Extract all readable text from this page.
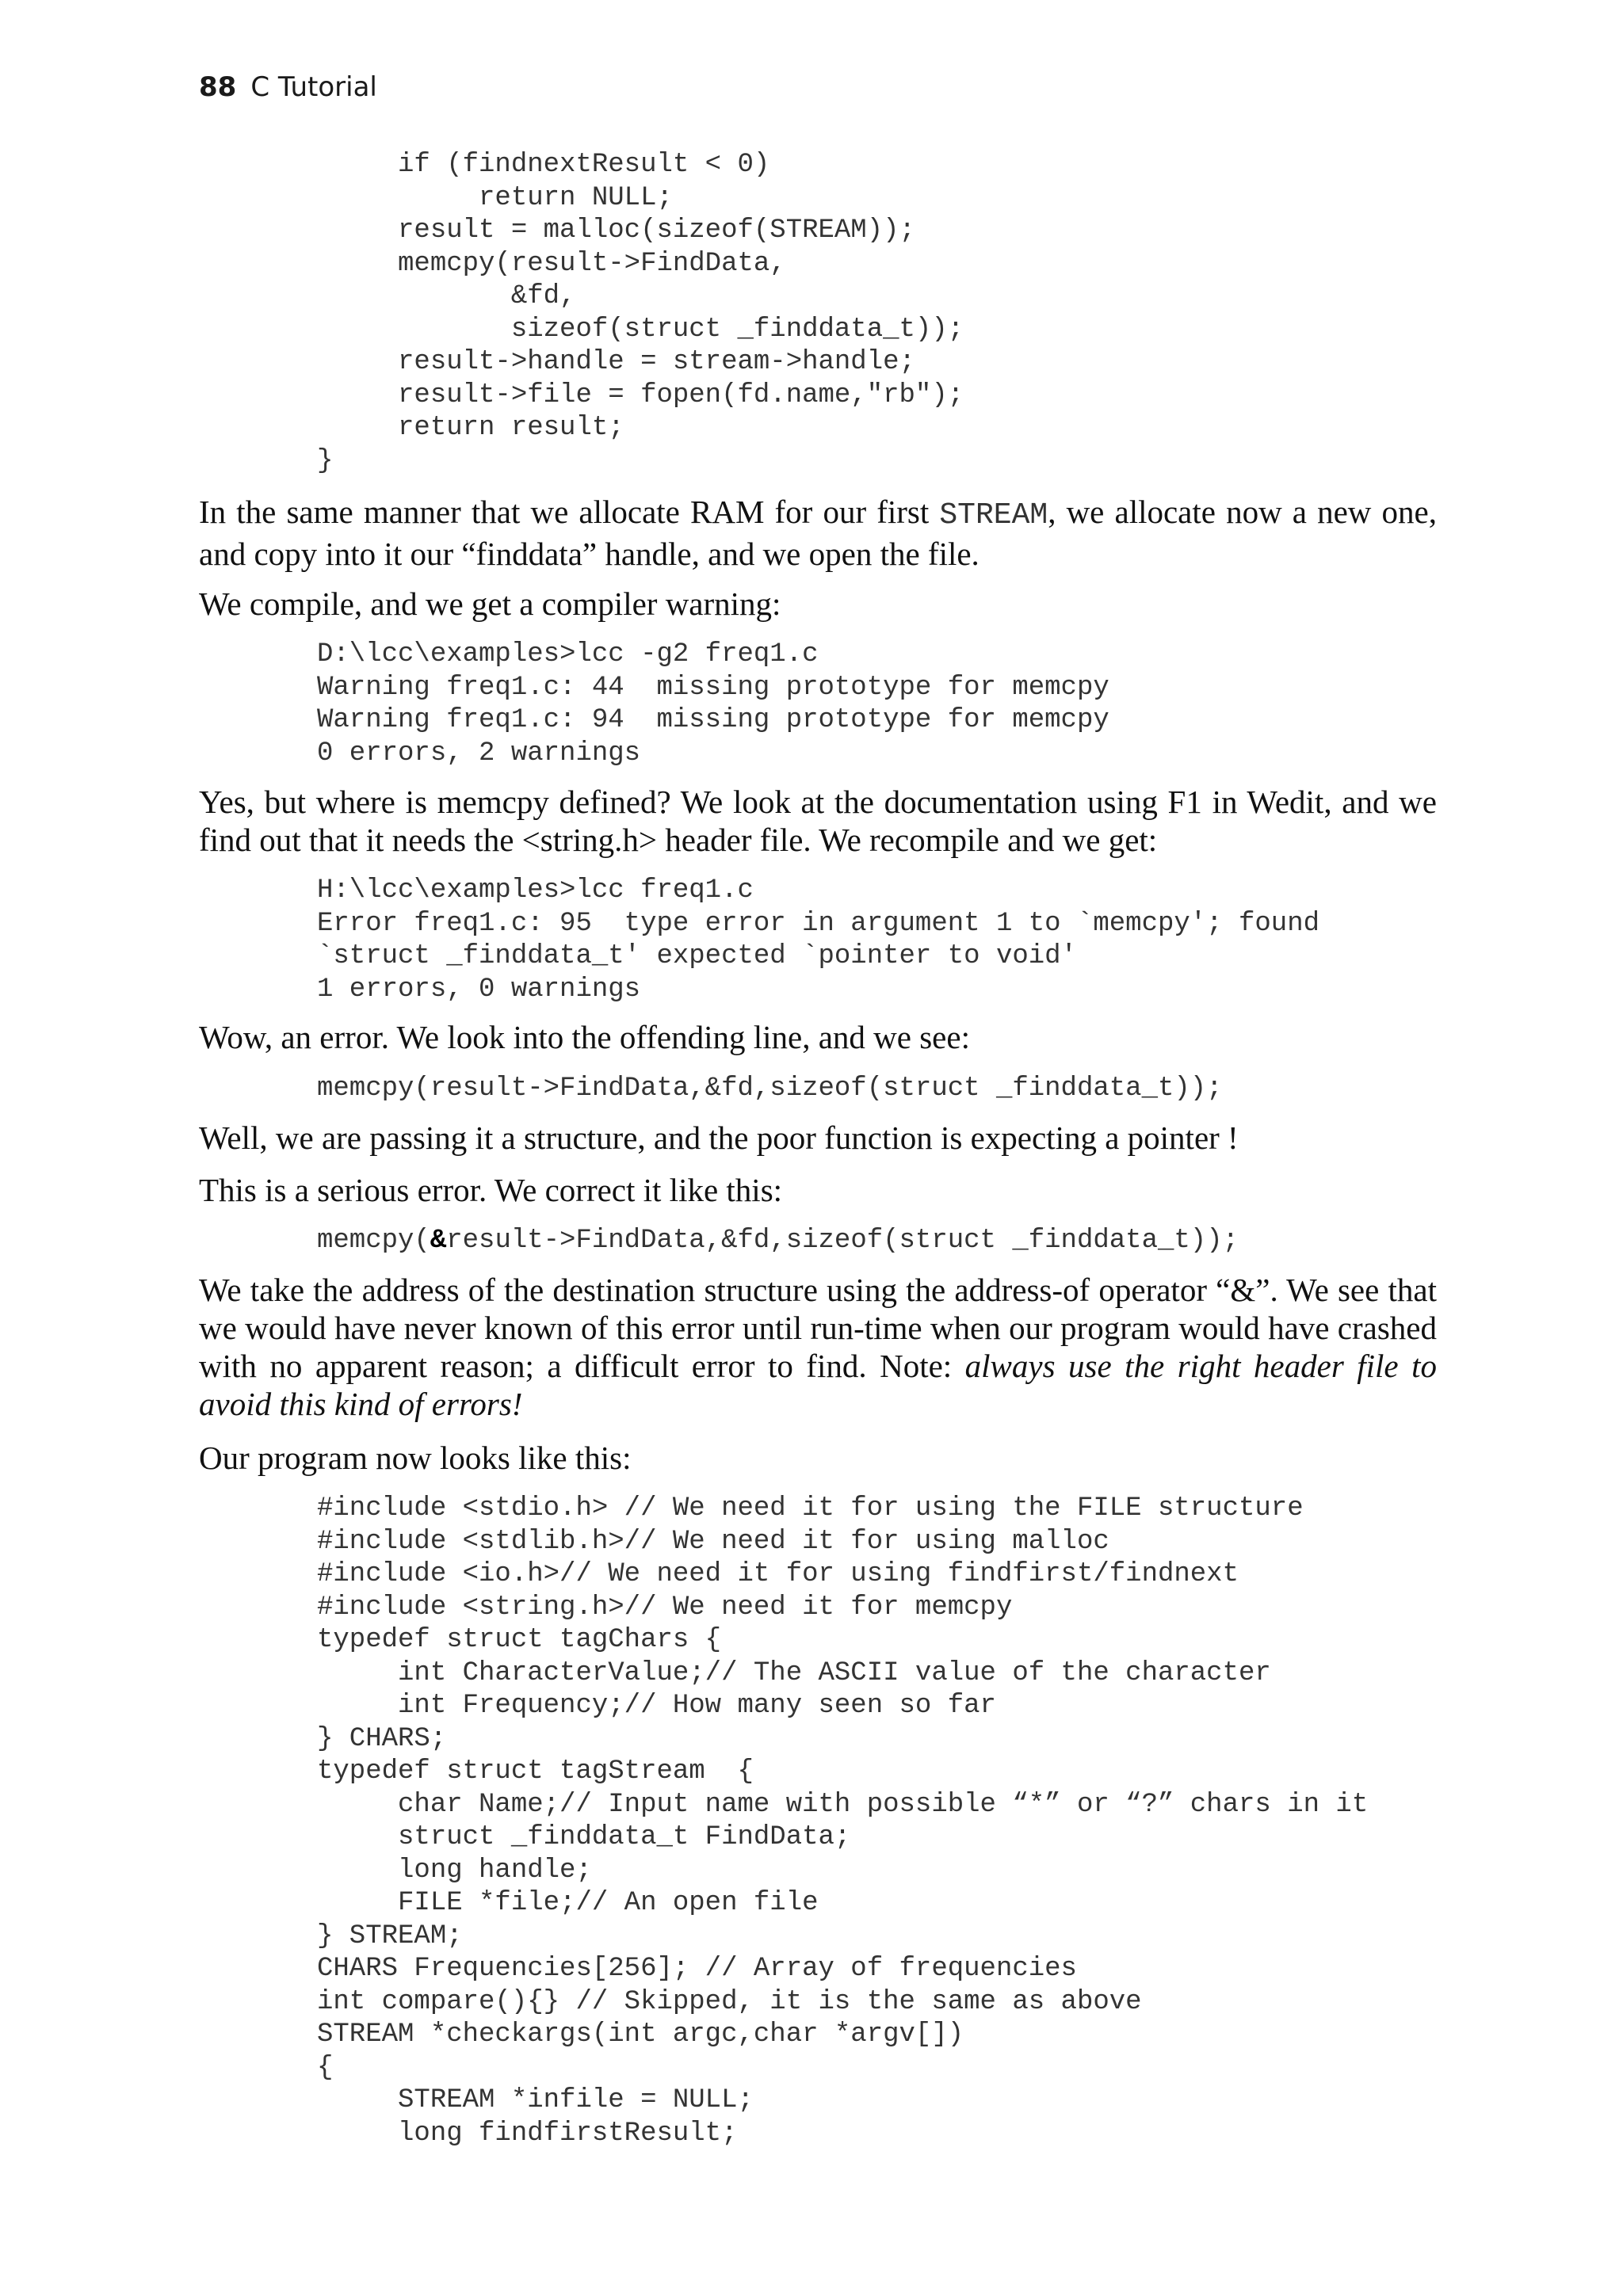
88 C Tutorial
if (findnextResult < 0)
return NULL;
result = malloc(sizeof(STREAM));
memcpy(result->FindData,
&fd,
sizeof(struct _finddata_t));
result->handle = stream->handle;
result->file = fopen(fd.name,"rb");
return result;
}

In the same manner that we allocate RAM for our first STREAM, we allocate now a new one, and copy into it our “finddata” handle, and we open the file.

We compile, and we get a compiler warning:

D:\lcc\examples>lcc -g2 freq1.c
Warning freq1.c: 44  missing prototype for memcpy
Warning freq1.c: 94  missing prototype for memcpy
0 errors, 2 warnings

Yes, but where is memcpy defined? We look at the documentation using F1 in Wedit, and we find out that it needs the <string.h> header file. We recompile and we get:

H:\lcc\examples>lcc freq1.c
Error freq1.c: 95  type error in argument 1 to `memcpy'; found
`struct _finddata_t' expected `pointer to void'
1 errors, 0 warnings

Wow, an error. We look into the offending line, and we see:

memcpy(result->FindData,&fd,sizeof(struct _finddata_t));

Well, we are passing it a structure, and the poor function is expecting a pointer !

This is a serious error. We correct it like this:

memcpy(&result->FindData,&fd,sizeof(struct _finddata_t));

We take the address of the destination structure using the address-of operator “&”. We see that we would have never known of this error until run-time when our program would have crashed with no apparent reason; a difficult error to find. Note: always use the right header file to avoid this kind of errors!

Our program now looks like this:

#include <stdio.h> // We need it for using the FILE structure
#include <stdlib.h>// We need it for using malloc
#include <io.h>// We need it for using findfirst/findnext
#include <string.h>// We need it for memcpy
typedef struct tagChars {
int CharacterValue;// The ASCII value of the character
int Frequency;// How many seen so far
} CHARS;
typedef struct tagStream  {
char Name;// Input name with possible “*” or “?” chars in it
struct _finddata_t FindData;
long handle;
FILE *file;// An open file
} STREAM;
CHARS Frequencies[256]; // Array of frequencies
int compare(){} // Skipped, it is the same as above
STREAM *checkargs(int argc,char *argv[])
{
STREAM *infile = NULL;
long findfirstResult;
